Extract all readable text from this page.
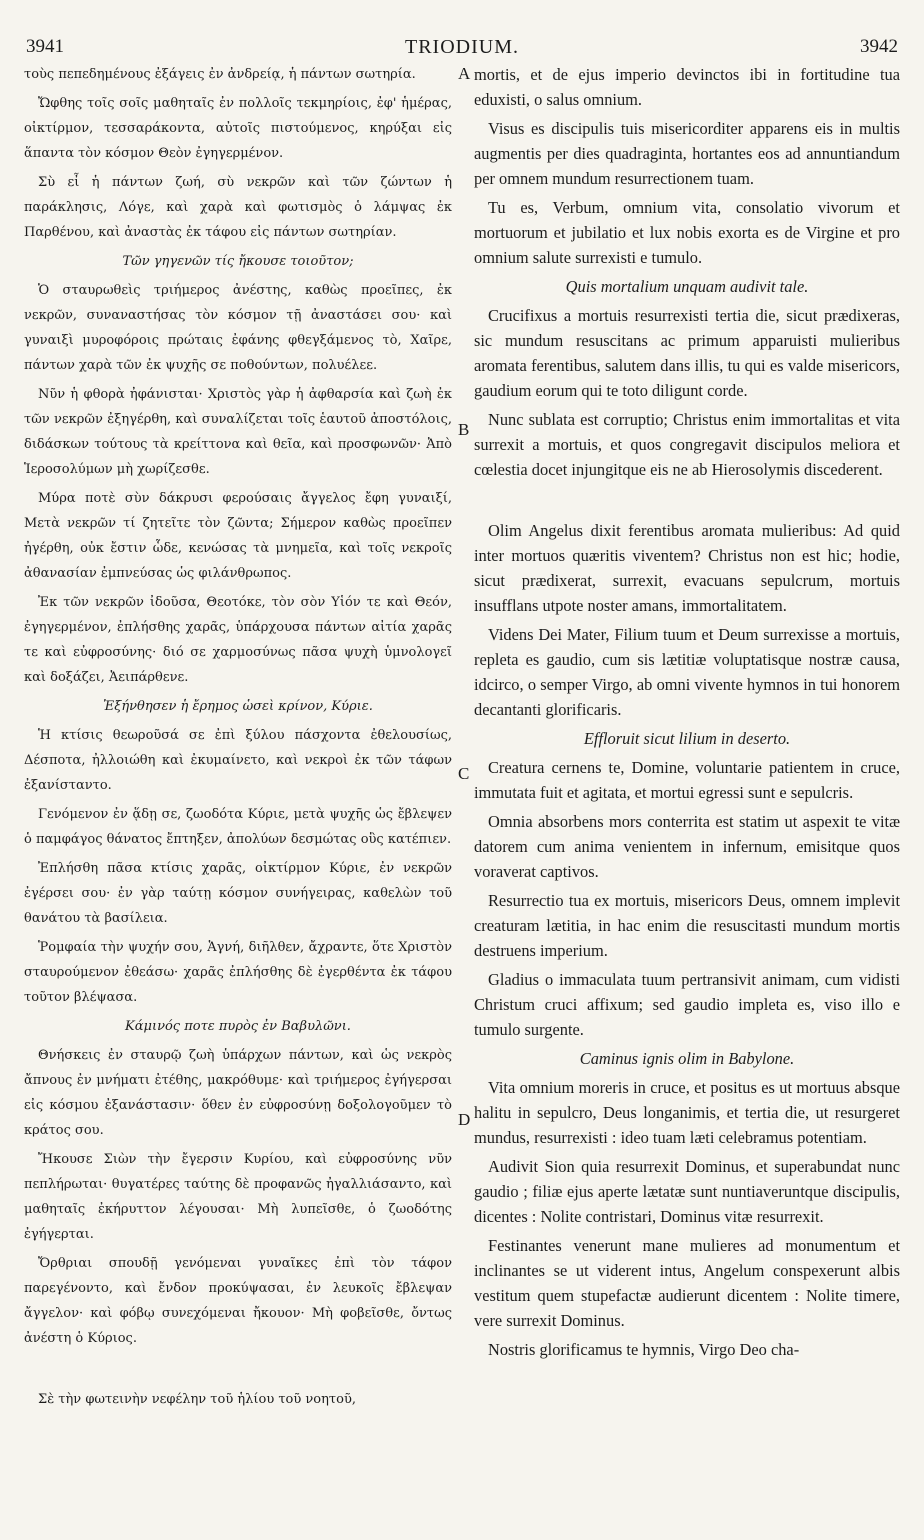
3941	TRIODIUM.	3942
A
B
C
D

τοὺς πεπεδημένους ἐξάγεις ἐν ἀνδρείᾳ, ἡ πάντων σωτηρία.

Ὤφθης τοῖς σοῖς μαθηταῖς ἐν πολλοῖς τεκμηρίοις, ἐφ' ἡμέρας, οἰκτίρμον, τεσσαράκοντα, αὐτοῖς πιστούμενος, κηρύξαι εἰς ἅπαντα τὸν κόσμον Θεὸν ἐγηγερμένον.

Σὺ εἶ ἡ πάντων ζωή, σὺ νεκρῶν καὶ τῶν ζώντων ἡ παράκλησις, Λόγε, καὶ χαρὰ καὶ φωτισμὸς ὁ λάμψας ἐκ Παρθένου, καὶ ἀναστὰς ἐκ τάφου εἰς πάντων σωτηρίαν.

Τῶν γηγενῶν τίς ἤκουσε τοιοῦτον;

Ὁ σταυρωθεὶς τριήμερος ἀνέστης, καθὼς προεῖπες, ἐκ νεκρῶν, συναναστήσας τὸν κόσμον τῇ ἀναστάσει σου· καὶ γυναιξὶ μυροφόροις πρώταις ἐφάνης φθεγξάμενος τὸ, Χαῖρε, πάντων χαρὰ τῶν ἐκ ψυχῆς σε ποθούντων, πολυέλεε.

Νῦν ἡ φθορὰ ἠφάνισται· Χριστὸς γὰρ ἡ ἀφθαρσία καὶ ζωὴ ἐκ τῶν νεκρῶν ἐξηγέρθη, καὶ συναλίζεται τοῖς ἑαυτοῦ ἀποστόλοις, διδάσκων τούτους τὰ κρείττονα καὶ θεῖα, καὶ προσφωνῶν· Ἀπὸ Ἱεροσολύμων μὴ χωρίζεσθε.

Μύρα ποτὲ σὺν δάκρυσι φερούσαις ἄγγελος ἔφη γυναιξί, Μετὰ νεκρῶν τί ζητεῖτε τὸν ζῶντα; Σήμερον καθὼς προεῖπεν ἠγέρθη, οὐκ ἔστιν ὧδε, κενώσας τὰ μνημεῖα, καὶ τοῖς νεκροῖς ἀθανασίαν ἐμπνεύσας ὡς φιλάνθρωπος.

Ἐκ τῶν νεκρῶν ἰδοῦσα, Θεοτόκε, τὸν σὸν Υἱόν τε καὶ Θεόν, ἐγηγερμένον, ἐπλήσθης χαρᾶς, ὑπάρχουσα πάντων αἰτία χαρᾶς τε καὶ εὐφροσύνης· διό σε χαρμοσύνως πᾶσα ψυχὴ ὑμνολογεῖ καὶ δοξάζει, Ἀειπάρθενε.

Ἐξήνθησεν ἡ ἔρημος ὡσεὶ κρίνον, Κύριε.

Ἡ κτίσις θεωροῦσά σε ἐπὶ ξύλου πάσχοντα ἐθελουσίως, Δέσποτα, ἠλλοιώθη καὶ ἐκυμαίνετο, καὶ νεκροὶ ἐκ τῶν τάφων ἐξανίσταντο.

Γενόμενον ἐν ᾅδῃ σε, ζωοδότα Κύριε, μετὰ ψυχῆς ὡς ἔβλεψεν ὁ παμφάγος θάνατος ἔπτηξεν, ἀπολύων δεσμώτας οὓς κατέπιεν.

Ἐπλήσθη πᾶσα κτίσις χαρᾶς, οἰκτίρμον Κύριε, ἐν νεκρῶν ἐγέρσει σου· ἐν γὰρ ταύτῃ κόσμον συνήγειρας, καθελὼν τοῦ θανάτου τὰ βασίλεια.

Ῥομφαία τὴν ψυχήν σου, Ἁγνή, διῆλθεν, ἄχραντε, ὅτε Χριστὸν σταυρούμενον ἐθεάσω· χαρᾶς ἐπλήσθης δὲ ἐγερθέντα ἐκ τάφου τοῦτον βλέψασα.

Κάμινός ποτε πυρὸς ἐν Βαβυλῶνι.

Θνήσκεις ἐν σταυρῷ ζωὴ ὑπάρχων πάντων, καὶ ὡς νεκρὸς ἄπνους ἐν μνήματι ἐτέθης, μακρόθυμε· καὶ τριήμερος ἐγήγερσαι εἰς κόσμου ἐξανάστασιν· ὅθεν ἐν εὐφροσύνῃ δοξολογοῦμεν τὸ κράτος σου.

Ἤκουσε Σιὼν τὴν ἔγερσιν Κυρίου, καὶ εὐφροσύνης νῦν πεπλήρωται· θυγατέρες ταύτης δὲ προφανῶς ἠγαλλιάσαντο, καὶ μαθηταῖς ἐκήρυττον λέγουσαι· Μὴ λυπεῖσθε, ὁ ζωοδότης ἐγήγερται.

Ὄρθριαι σπουδῇ γενόμεναι γυναῖκες ἐπὶ τὸν τάφον παρεγένοντο, καὶ ἔνδον προκύψασαι, ἐν λευκοῖς ἔβλεψαν ἄγγελον· καὶ φόβῳ συνεχόμεναι ἤκουον· Μὴ φοβεῖσθε, ὄντως ἀνέστη ὁ Κύριος.

Σὲ τὴν φωτεινὴν νεφέλην τοῦ ἡλίου τοῦ νοητοῦ,

mortis, et de ejus imperio devinctos ibi in fortitudine tua eduxisti, o salus omnium.

Visus es discipulis tuis misericorditer apparens eis in multis augmentis per dies quadraginta, hortantes eos ad annuntiandum per omnem mundum resurrectionem tuam.

Tu es, Verbum, omnium vita, consolatio vivorum et mortuorum et jubilatio et lux nobis exorta es de Virgine et pro omnium salute surrexisti e tumulo.

Quis mortalium unquam audivit tale.

Crucifixus a mortuis resurrexisti tertia die, sicut prædixeras, sic mundum resuscitans ac primum apparuisti mulieribus aromata ferentibus, salutem dans illis, tu qui es valde misericors, gaudium eorum qui te toto diligunt corde.

Nunc sublata est corruptio; Christus enim immortalitas et vita surrexit a mortuis, et quos congregavit discipulos meliora et cœlestia docet injungitque eis ne ab Hierosolymis discederent.

Olim Angelus dixit ferentibus aromata mulieribus: Ad quid inter mortuos quæritis viventem? Christus non est hic; hodie, sicut prædixerat, surrexit, evacuans sepulcrum, mortuis insufflans utpote noster amans, immortalitatem.

Videns Dei Mater, Filium tuum et Deum surrexisse a mortuis, repleta es gaudio, cum sis lætitiæ voluptatisque nostræ causa, idcirco, o semper Virgo, ab omni vivente hymnos in tui honorem decantanti glorificaris.

Effloruit sicut lilium in deserto.

Creatura cernens te, Domine, voluntarie patientem in cruce, immutata fuit et agitata, et mortui egressi sunt e sepulcris.

Omnia absorbens mors conterrita est statim ut aspexit te vitæ datorem cum anima venientem in infernum, emisitque quos voraverat captivos.

Resurrectio tua ex mortuis, misericors Deus, omnem implevit creaturam lætitia, in hac enim die resuscitasti mundum mortis destruens imperium.

Gladius o immaculata tuum pertransivit animam, cum vidisti Christum cruci affixum; sed gaudio impleta es, viso illo e tumulo surgente.

Caminus ignis olim in Babylone.

Vita omnium moreris in cruce, et positus es ut mortuus absque halitu in sepulcro, Deus longanimis, et tertia die, ut resurgeret mundus, resurrexisti : ideo tuam læti celebramus potentiam.

Audivit Sion quia resurrexit Dominus, et superabundat nunc gaudio ; filiæ ejus aperte lætatæ sunt nuntiaveruntque discipulis, dicentes : Nolite contristari, Dominus vitæ resurrexit.

Festinantes venerunt mane mulieres ad monumentum et inclinantes se ut viderent intus, Angelum conspexerunt albis vestitum quem stupefactæ audierunt dicentem : Nolite timere, vere surrexit Dominus.

Nostris glorificamus te hymnis, Virgo Deo cha-
